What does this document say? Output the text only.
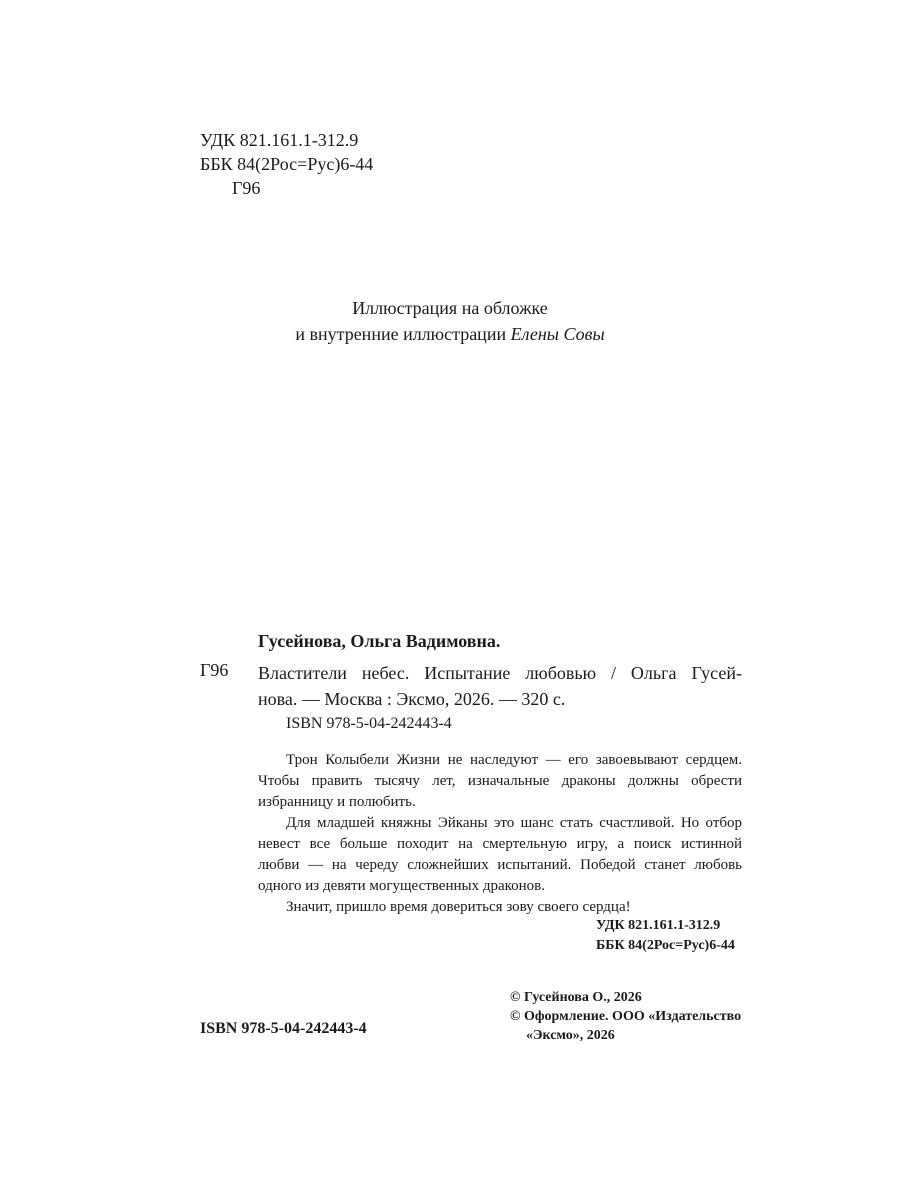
УДК 821.161.1-312.9
ББК 84(2Рос=Рус)6-44
Г96
Иллюстрация на обложке
и внутренние иллюстрации Елены Совы
Гусейнова, Ольга Вадимовна.
Г96 Властители небес. Испытание любовью / Ольга Гусей-
нова. — Москва : Эксмо, 2026. — 320 с.
ISBN 978-5-04-242443-4
Трон Колыбели Жизни не наследуют — его завоевывают сердцем.
Чтобы править тысячу лет, изначальные драконы должны обрести
избранницу и полюбить.
Для младшей княжны Эйканы это шанс стать счастливой. Но отбор
невест все больше походит на смертельную игру, а поиск истинной
любви — на череду сложнейших испытаний. Победой станет любовь
одного из девяти могущественных драконов.
Значит, пришло время довериться зову своего сердца!
УДК 821.161.1-312.9
ББК 84(2Рос=Рус)6-44
© Гусейнова О., 2026
© Оформление. ООО «Издательство
«Эксмо», 2026
ISBN 978-5-04-242443-4
